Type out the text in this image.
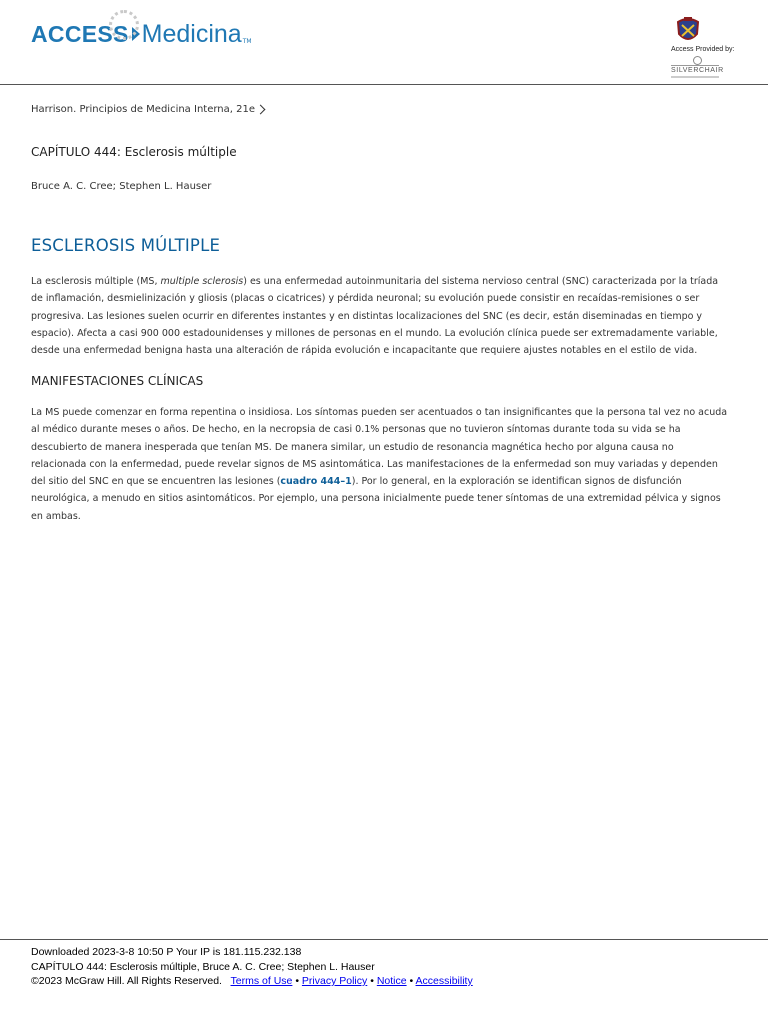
ACCESS Medicina TM
Access Provided by:
SILVERCHAIR
Harrison. Principios de Medicina Interna, 21e
CAPÍTULO 444: Esclerosis múltiple
Bruce A. C. Cree; Stephen L. Hauser
ESCLEROSIS MÚLTIPLE

La esclerosis múltiple (MS, multiple sclerosis) es una enfermedad autoinmunitaria del sistema nervioso central (SNC) caracterizada por la tríada de inflamación, desmielinización y gliosis (placas o cicatrices) y pérdida neuronal; su evolución puede consistir en recaídas-remisiones o ser progresiva. Las lesiones suelen ocurrir en diferentes instantes y en distintas localizaciones del SNC (es decir, están diseminadas en tiempo y espacio). Afecta a casi 900 000 estadounidenses y millones de personas en el mundo. La evolución clínica puede ser extremadamente variable, desde una enfermedad benigna hasta una alteración de rápida evolución e incapacitante que requiere ajustes notables en el estilo de vida.

MANIFESTACIONES CLÍNICAS

La MS puede comenzar en forma repentina o insidiosa. Los síntomas pueden ser acentuados o tan insignificantes que la persona tal vez no acuda al médico durante meses o años. De hecho, en la necropsia de casi 0.1% personas que no tuvieron síntomas durante toda su vida se ha descubierto de manera inesperada que tenían MS. De manera similar, un estudio de resonancia magnética hecho por alguna causa no relacionada con la enfermedad, puede revelar signos de MS asintomática. Las manifestaciones de la enfermedad son muy variadas y dependen del sitio del SNC en que se encuentren las lesiones (cuadro 444–1). Por lo general, en la exploración se identifican signos de disfunción neurológica, a menudo en sitios asintomáticos. Por ejemplo, una persona inicialmente puede tener síntomas de una extremidad pélvica y signos en ambas.

Downloaded 2023-3-8 10:50 P Your IP is 181.115.232.138
CAPÍTULO 444: Esclerosis múltiple, Bruce A. C. Cree; Stephen L. Hauser
©2023 McGraw Hill. All Rights Reserved. Terms of Use • Privacy Policy • Notice • Accessibility
